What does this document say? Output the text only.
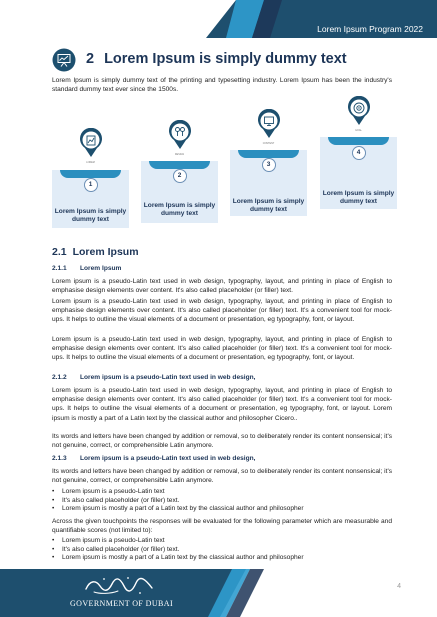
Lorem Ipsum Program 2022
2 Lorem Ipsum is simply dummy text
Lorem Ipsum is simply dummy text of the printing and typesetting industry. Lorem Ipsum has been the industry's standard dummy text ever since the 1500s.
1
Lorem Ipsum is simply dummy text
LOREM
2
Lorem Ipsum is simply dummy text
DESIGN
3
Lorem Ipsum is simply dummy text
CONTENT
4
Lorem Ipsum is simply dummy text
GOAL
2.1 Lorem Ipsum
2.1.1 Lorem Ipsum
Lorem ipsum is a pseudo-Latin text used in web design, typography, layout, and printing in place of English to emphasise design elements over content. It's also called placeholder (or filler) text.
Lorem ipsum is a pseudo-Latin text used in web design, typography, layout, and printing in place of English to emphasise design elements over content. It's also called placeholder (or filler) text. It's a convenient tool for mock-ups. It helps to outline the visual elements of a document or presentation, eg typography, font, or layout.
Lorem ipsum is a pseudo-Latin text used in web design, typography, layout, and printing in place of English to emphasise design elements over content. It's also called placeholder (or filler) text. It's a convenient tool for mock-ups. It helps to outline the visual elements of a document or presentation, eg typography, font, or layout.
2.1.2 Lorem ipsum is a pseudo-Latin text used in web design,
Lorem ipsum is a pseudo-Latin text used in web design, typography, layout, and printing in place of English to emphasise design elements over content. It's also called placeholder (or filler) text. It's a convenient tool for mock-ups. It helps to outline the visual elements of a document or presentation, eg typography, font, or layout. Lorem ipsum is mostly a part of a Latin text by the classical author and philosopher Cicero..
Its words and letters have been changed by addition or removal, so to deliberately render its content nonsensical; it's not genuine, correct, or comprehensible Latin anymore.
2.1.3 Lorem ipsum is a pseudo-Latin text used in web design,
Its words and letters have been changed by addition or removal, so to deliberately render its content nonsensical; it's not genuine, correct, or comprehensible Latin anymore.
• Lorem ipsum is a pseudo-Latin text
• It's also called placeholder (or filler) text.
• Lorem ipsum is mostly a part of a Latin text by the classical author and philosopher
Across the given touchpoints the responses will be evaluated for the following parameter which are measurable and quantifiable scores (not limited to):
• Lorem ipsum is a pseudo-Latin text
• It's also called placeholder (or filler) text.
• Lorem ipsum is mostly a part of a Latin text by the classical author and philosopher
GOVERNMENT OF DUBAI
4
